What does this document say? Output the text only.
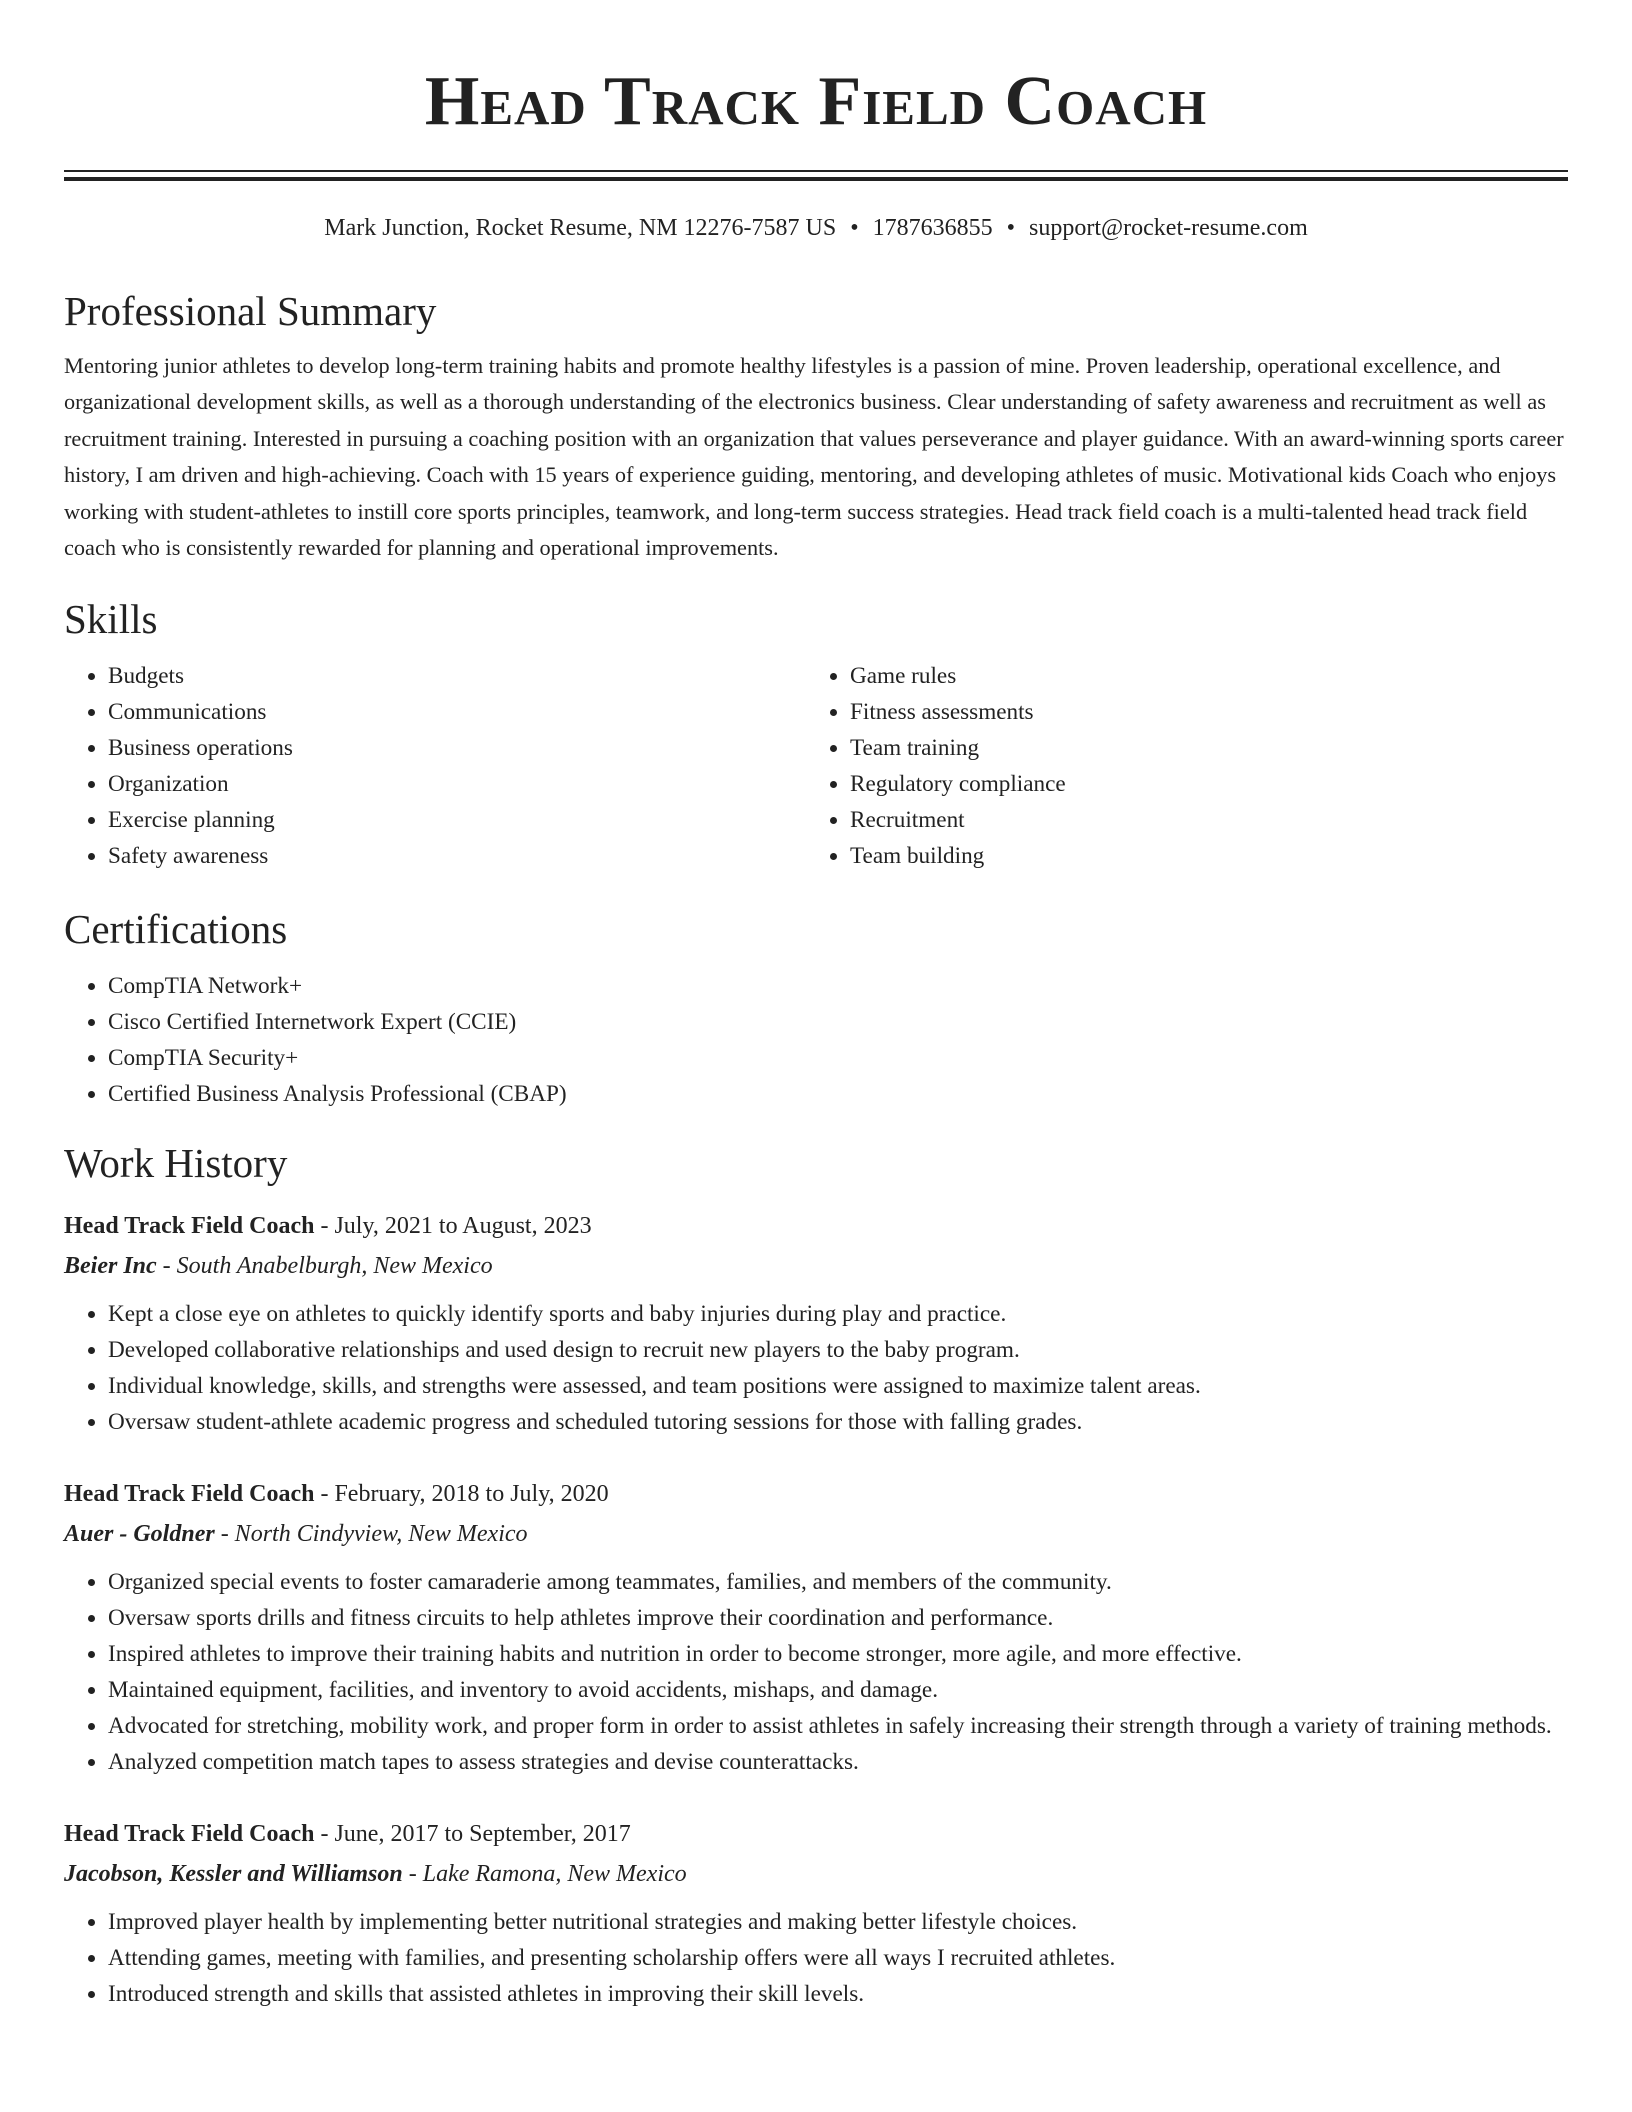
Head Track Field Coach
Mark Junction, Rocket Resume, NM 12276-7587 US • 1787636855 • support@rocket-resume.com
Professional Summary
Mentoring junior athletes to develop long-term training habits and promote healthy lifestyles is a passion of mine. Proven leadership, operational excellence, and organizational development skills, as well as a thorough understanding of the electronics business. Clear understanding of safety awareness and recruitment as well as recruitment training. Interested in pursuing a coaching position with an organization that values perseverance and player guidance. With an award-winning sports career history, I am driven and high-achieving. Coach with 15 years of experience guiding, mentoring, and developing athletes of music. Motivational kids Coach who enjoys working with student-athletes to instill core sports principles, teamwork, and long-term success strategies. Head track field coach is a multi-talented head track field coach who is consistently rewarded for planning and operational improvements.
Skills
• Budgets
• Communications
• Business operations
• Organization
• Exercise planning
• Safety awareness
• Game rules
• Fitness assessments
• Team training
• Regulatory compliance
• Recruitment
• Team building
Certifications
• CompTIA Network+
• Cisco Certified Internetwork Expert (CCIE)
• CompTIA Security+
• Certified Business Analysis Professional (CBAP)
Work History
Head Track Field Coach - July, 2021 to August, 2023
Beier Inc - South Anabelburgh, New Mexico
• Kept a close eye on athletes to quickly identify sports and baby injuries during play and practice.
• Developed collaborative relationships and used design to recruit new players to the baby program.
• Individual knowledge, skills, and strengths were assessed, and team positions were assigned to maximize talent areas.
• Oversaw student-athlete academic progress and scheduled tutoring sessions for those with falling grades.
Head Track Field Coach - February, 2018 to July, 2020
Auer - Goldner - North Cindyview, New Mexico
• Organized special events to foster camaraderie among teammates, families, and members of the community.
• Oversaw sports drills and fitness circuits to help athletes improve their coordination and performance.
• Inspired athletes to improve their training habits and nutrition in order to become stronger, more agile, and more effective.
• Maintained equipment, facilities, and inventory to avoid accidents, mishaps, and damage.
• Advocated for stretching, mobility work, and proper form in order to assist athletes in safely increasing their strength through a variety of training methods.
• Analyzed competition match tapes to assess strategies and devise counterattacks.
Head Track Field Coach - June, 2017 to September, 2017
Jacobson, Kessler and Williamson - Lake Ramona, New Mexico
• Improved player health by implementing better nutritional strategies and making better lifestyle choices.
• Attending games, meeting with families, and presenting scholarship offers were all ways I recruited athletes.
• Introduced strength and skills that assisted athletes in improving their skill levels.
